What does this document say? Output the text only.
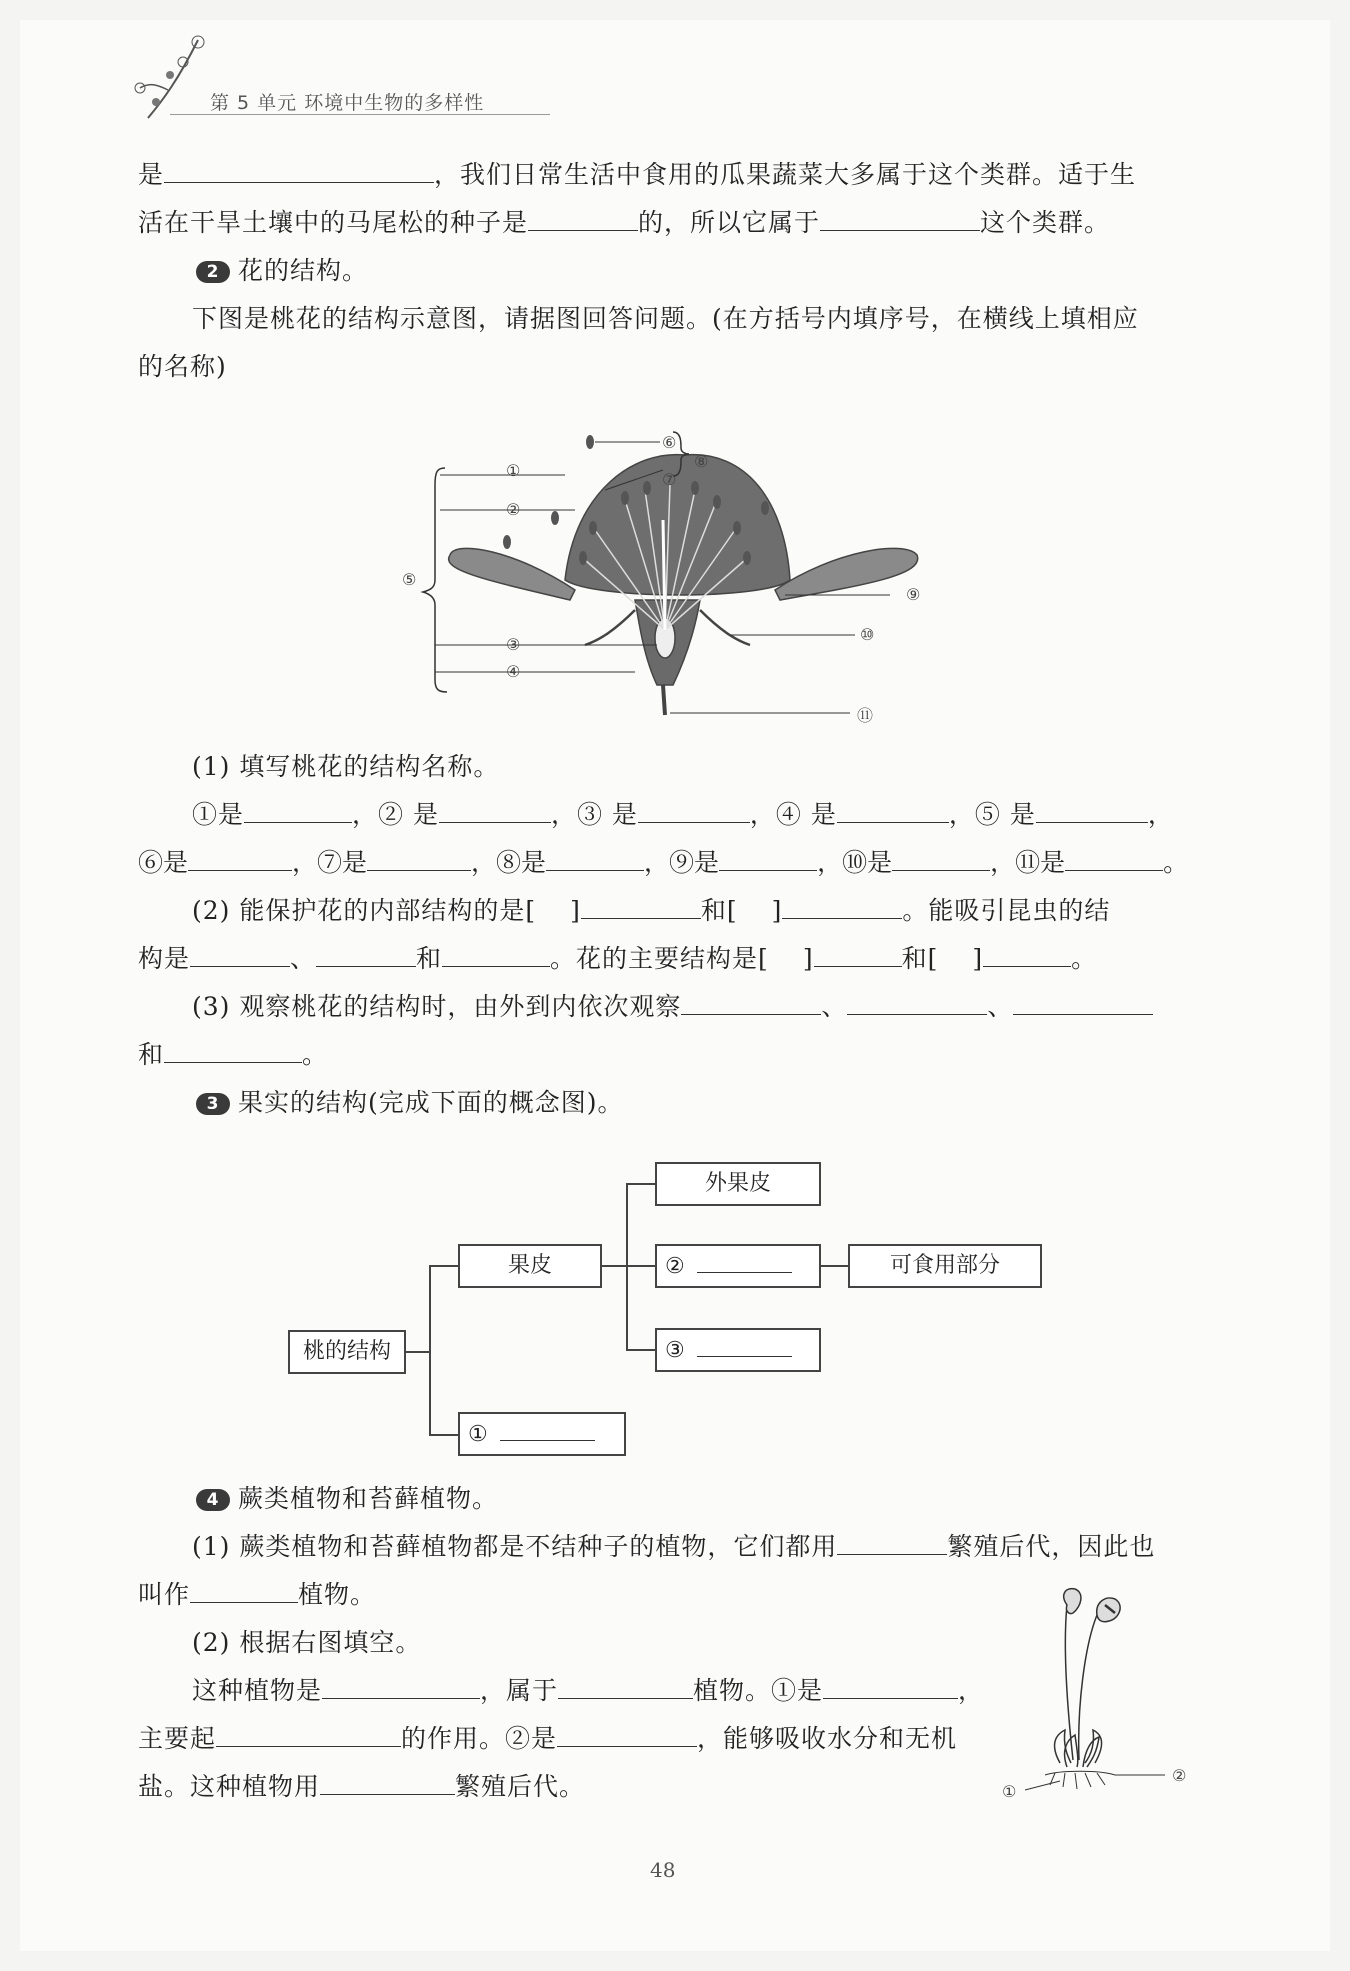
第 5 单元 环境中生物的多样性
是	，我们日常生活中食用的瓜果蔬菜大多属于这个类群。适于生
活在干旱土壤中的马尾松的种子是	的，所以它属于	这个类群。
2 花的结构。
下图是桃花的结构示意图，请据图回答问题。(在方括号内填序号，在横线上填相应
的名称)
①
②
③
④
⑤
⑥
⑦
⑧
⑨
⑩
⑪
(1) 填写桃花的结构名称。
①是	，② 是	，③ 是	，④ 是	，⑤ 是	，
⑥是	，⑦是	，⑧是	，⑨是	，⑩是	，⑪是	。
(2) 能保护花的内部结构的是[ ]	和[ ]	。能吸引昆虫的结
构是	、	和	。花的主要结构是[ ]	和[ ]	。
(3) 观察桃花的结构时，由外到内依次观察	、	、
和	。
3 果实的结构(完成下面的概念图)。
外果皮
果皮	②	可食用部分
③
桃的结构
①
4 蕨类植物和苔藓植物。
(1) 蕨类植物和苔藓植物都是不结种子的植物，它们都用	繁殖后代，因此也
叫作	植物。
(2) 根据右图填空。
这种植物是	，属于	植物。①是	，
主要起	的作用。②是	，能够吸收水分和无机
盐。这种植物用	繁殖后代。	①
②
48
